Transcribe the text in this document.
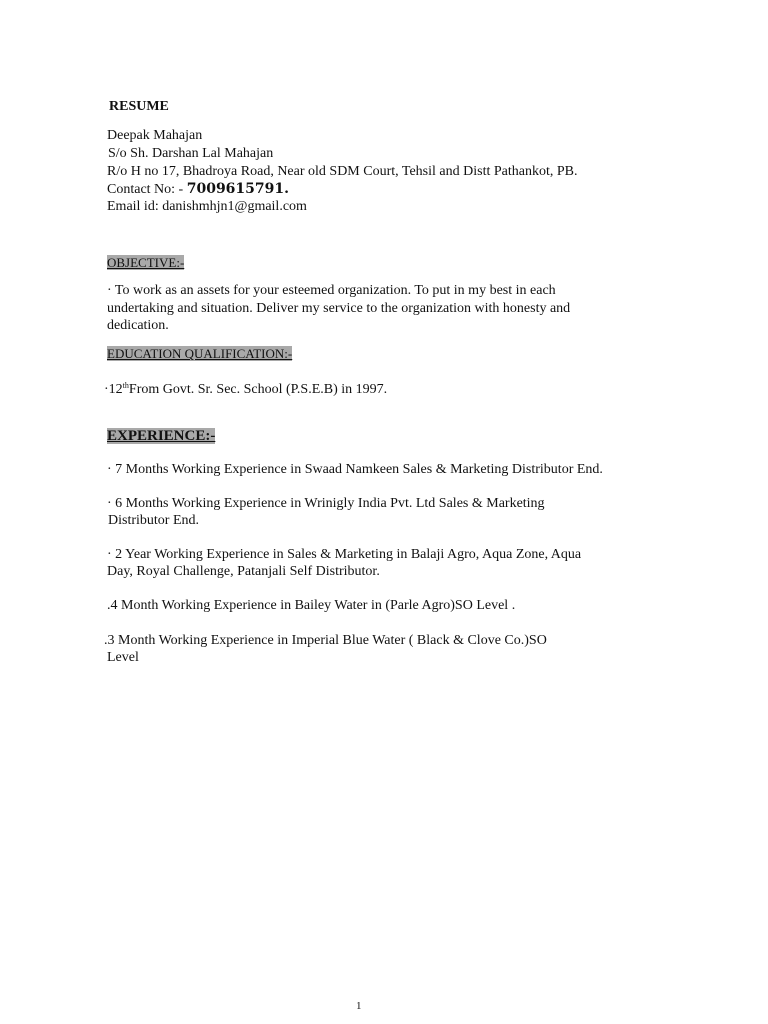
RESUME
Deepak Mahajan
S/o Sh. Darshan Lal Mahajan
R/o H no 17, Bhadroya Road, Near old SDM Court, Tehsil and Distt Pathankot, PB.
Contact No: - 7009615791.
Email id: danishmhjn1@gmail.com
OBJECTIVE:-
· To work as an assets for your esteemed organization. To put in my best in each
undertaking and situation. Deliver my service to the organization with honesty and
dedication.
EDUCATION QUALIFICATION:-
·12thFrom Govt. Sr. Sec. School (P.S.E.B) in 1997.
EXPERIENCE:-
· 7 Months Working Experience in Swaad Namkeen Sales & Marketing Distributor End.
· 6 Months Working Experience in Wrinigly India Pvt. Ltd Sales & Marketing
Distributor End.
· 2 Year Working Experience in Sales & Marketing in Balaji Agro, Aqua Zone, Aqua
Day, Royal Challenge, Patanjali Self Distributor.
.4 Month Working Experience in Bailey Water in (Parle Agro)SO Level .
.3 Month Working Experience in Imperial Blue Water ( Black & Clove Co.)SO
Level
1
